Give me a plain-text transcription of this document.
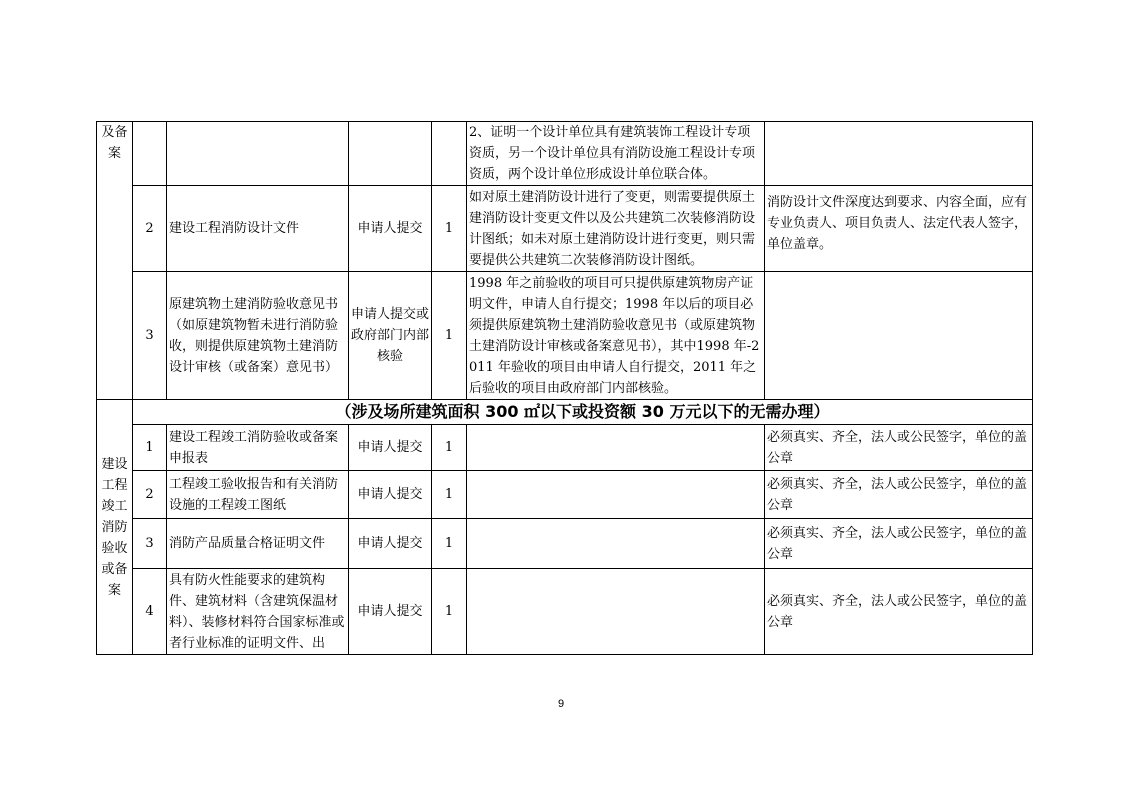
及备案					2、证明一个设计单位具有建筑装饰工程设计专项资质，另一个设计单位具有消防设施工程设计专项资质，两个设计单位形成设计单位联合体。	
	2	建设工程消防设计文件	申请人提交	1	如对原土建消防设计进行了变更，则需要提供原土建消防设计变更文件以及公共建筑二次装修消防设计图纸；如未对原土建消防设计进行变更，则只需要提供公共建筑二次装修消防设计图纸。	消防设计文件深度达到要求、内容全面，应有专业负责人、项目负责人、法定代表人签字，单位盖章。
	3	原建筑物土建消防验收意见书（如原建筑物暂未进行消防验收，则提供原建筑物土建消防设计审核（或备案）意见书）	申请人提交或政府部门内部核验	1	1998 年之前验收的项目可只提供原建筑物房产证明文件，申请人自行提交；1998 年以后的项目必须提供原建筑物土建消防验收意见书（或原建筑物土建消防设计审核或备案意见书），其中1998 年-2011 年验收的项目由申请人自行提交，2011 年之后验收的项目由政府部门内部核验。	
建设工程竣工消防验收或备案	（涉及场所建筑面积 300 ㎡以下或投资额 30 万元以下的无需办理）					
	1	建设工程竣工消防验收或备案申报表	申请人提交	1		必须真实、齐全，法人或公民签字，单位的盖公章
	2	工程竣工验收报告和有关消防设施的工程竣工图纸	申请人提交	1		必须真实、齐全，法人或公民签字，单位的盖公章
	3	消防产品质量合格证明文件	申请人提交	1		必须真实、齐全，法人或公民签字，单位的盖公章
	4	具有防火性能要求的建筑构件、建筑材料（含建筑保温材料）、装修材料符合国家标准或者行业标准的证明文件、出	申请人提交	1		必须真实、齐全，法人或公民签字，单位的盖公章
9
